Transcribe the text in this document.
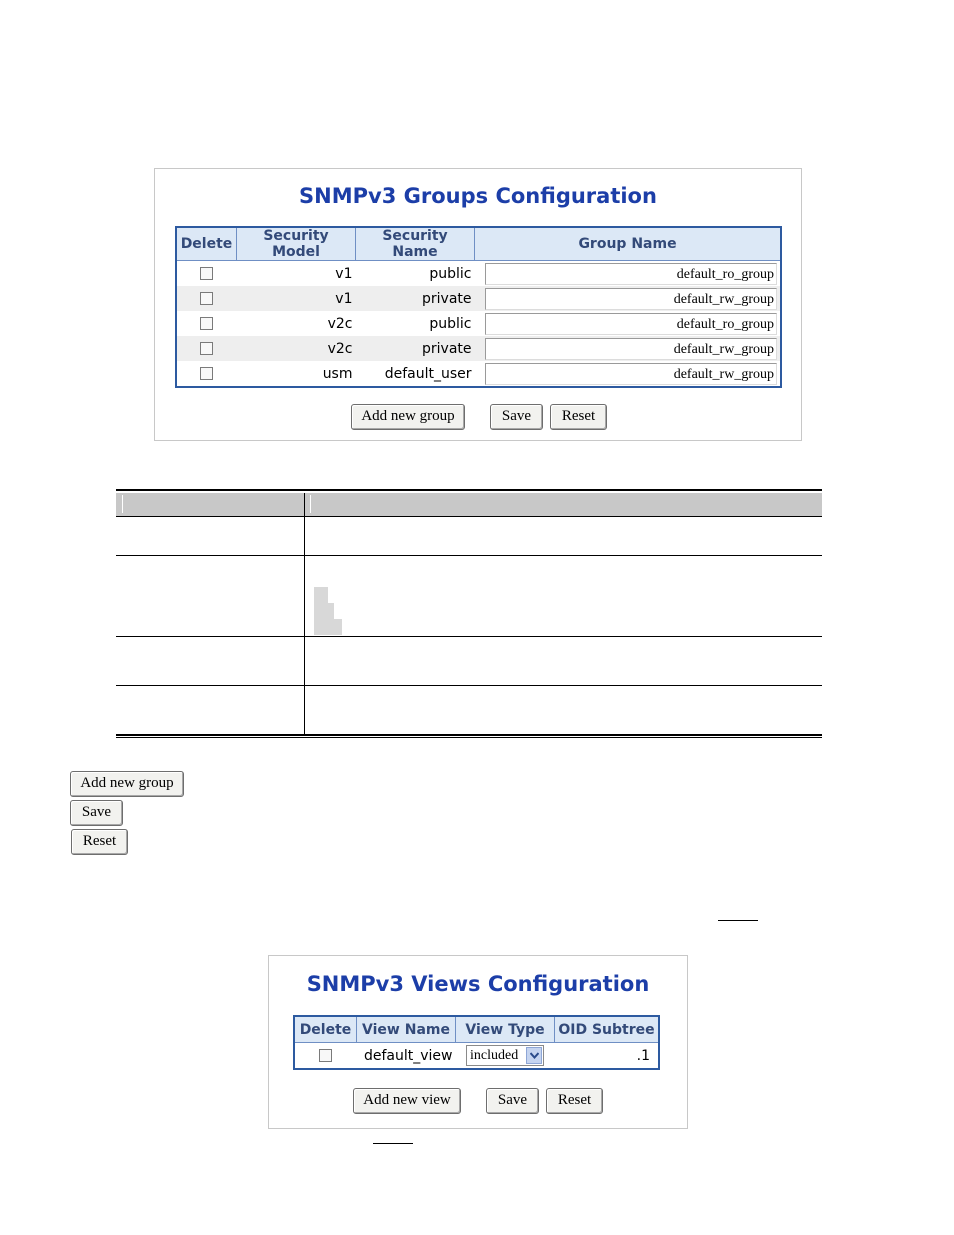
SNMPv3 Groups Configuration
Delete	Security Model	Security Name	Group Name
	v1	public	default_ro_group

	v1	private	default_rw_group

	v2c	public	default_ro_group

	v2c	private	default_rw_group

	usm	default_user	default_rw_group
Add new group	Save	Reset
Add new group
Save
Reset
SNMPv3 Views Configuration
Delete	View Name	View Type	OID Subtree
	default_view	included	.1
Add new view	Save	Reset
